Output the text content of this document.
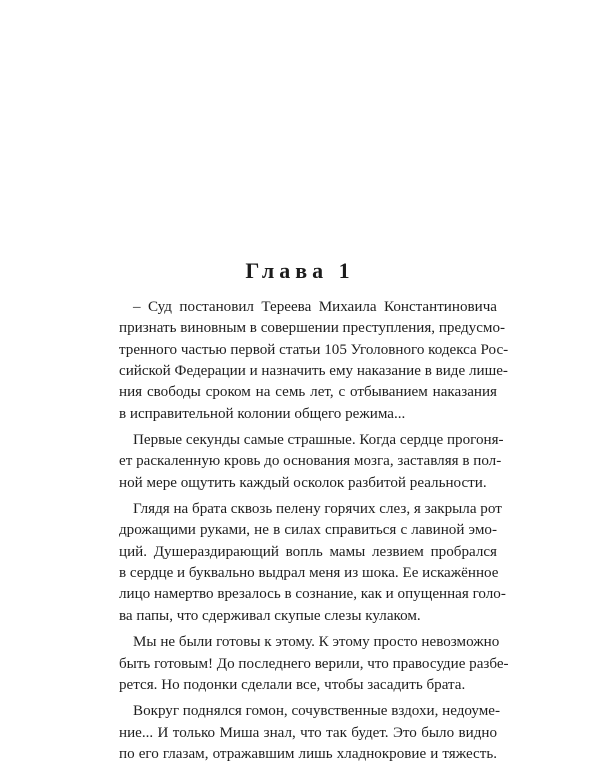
Глава 1
– Суд постановил Тереева Михаила Константиновича
признать виновным в совершении преступления, предусмо-
тренного частью первой статьи 105 Уголовного кодекса Рос-
сийской Федерации и назначить ему наказание в виде лише-
ния свободы сроком на семь лет, с отбыванием наказания
в исправительной колонии общего режима...
Первые секунды самые страшные. Когда сердце прогоня-
ет раскаленную кровь до основания мозга, заставляя в пол-
ной мере ощутить каждый осколок разбитой реальности.
Глядя на брата сквозь пелену горячих слез, я закрыла рот
дрожащими руками, не в силах справиться с лавиной эмо-
ций. Душераздирающий вопль мамы лезвием пробрался
в сердце и буквально выдрал меня из шока. Ее искажённое
лицо намертво врезалось в сознание, как и опущенная голо-
ва папы, что сдерживал скупые слезы кулаком.
Мы не были готовы к этому. К этому просто невозможно
быть готовым! До последнего верили, что правосудие разбе-
рется. Но подонки сделали все, чтобы засадить брата.
Вокруг поднялся гомон, сочувственные вздохи, недоуме-
ние... И только Миша знал, что так будет. Это было видно
по его глазам, отражавшим лишь хладнокровие и тяжесть.
